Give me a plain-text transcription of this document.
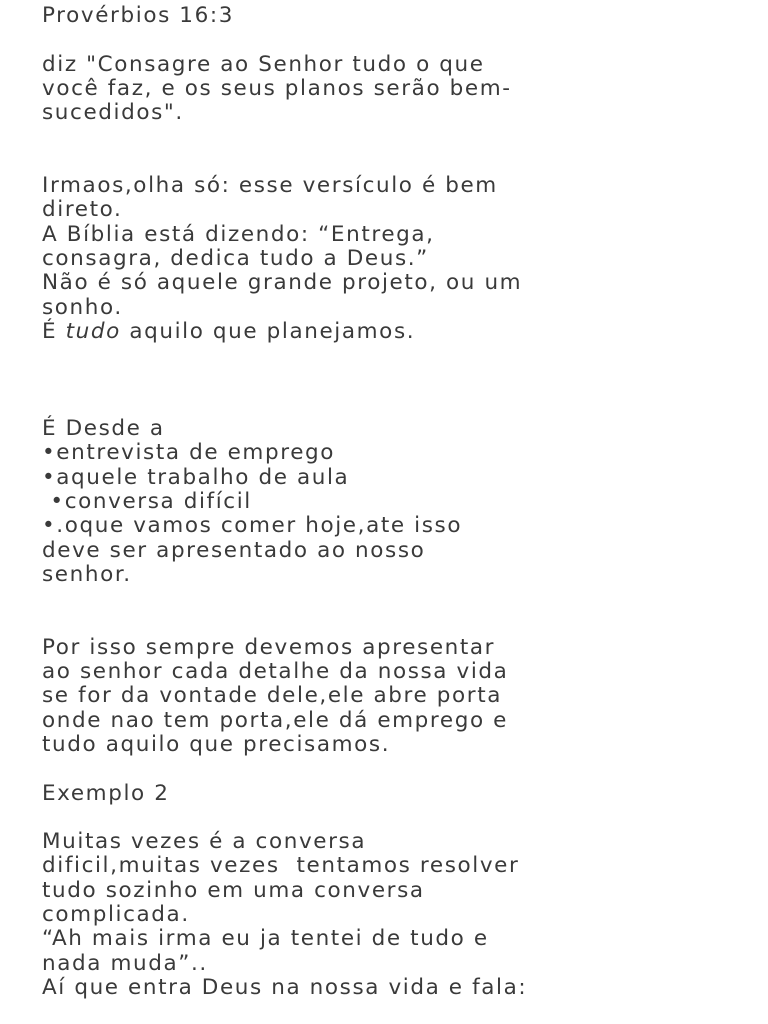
Provérbios 16:3
diz "Consagre ao Senhor tudo o que
você faz, e os seus planos serão bem-
sucedidos".
Irmaos,olha só: esse versículo é bem
direto.
A Bíblia está dizendo: “Entrega,
consagra, dedica tudo a Deus.”
Não é só aquele grande projeto, ou um
sonho.
É tudo aquilo que planejamos.
É Desde a
•entrevista de emprego
•aquele trabalho de aula
•conversa difícil
•.oque vamos comer hoje,ate isso
deve ser apresentado ao nosso
senhor.
Por isso sempre devemos apresentar
ao senhor cada detalhe da nossa vida
se for da vontade dele,ele abre porta
onde nao tem porta,ele dá emprego e
tudo aquilo que precisamos.
Exemplo 2
Muitas vezes é a conversa
dificil,muitas vezes  tentamos resolver
tudo sozinho em uma conversa
complicada.
“Ah mais irma eu ja tentei de tudo e
nada muda”..
Aí que entra Deus na nossa vida e fala:
